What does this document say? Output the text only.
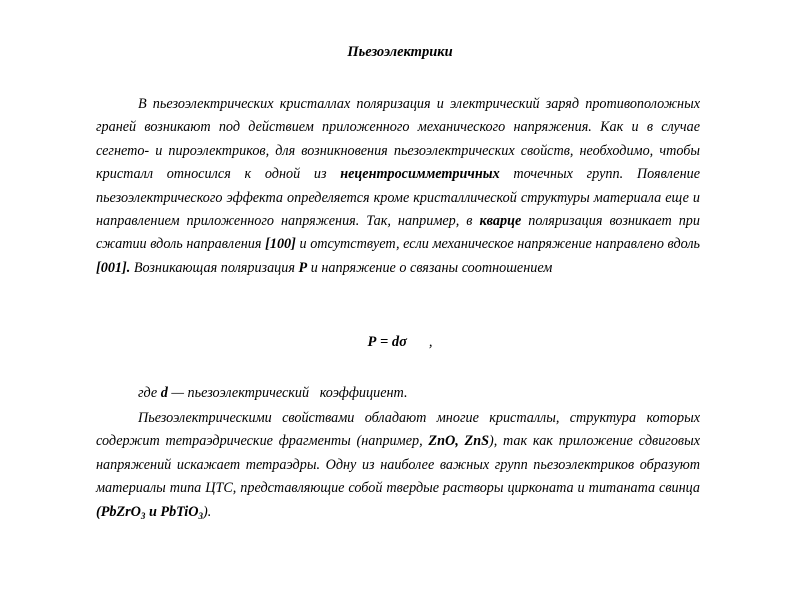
Пьезоэлектрики

В пьезоэлектрических кристаллах поляризация и электрический заряд противоположных граней возникают под действием приложенного механического напряжения. Как и в случае сегнето- и пироэлектриков, для возникновения пьезоэлектрических свойств, необходимо, чтобы кристалл относился к одной из нецентросимметричных точечных групп. Появление пьезоэлектрического эффекта определяется кроме кристаллической структуры материала еще и направлением приложенного напряжения. Так, например, в кварце поляризация возникает при сжатии вдоль направления [100] и отсутствует, если механическое напряжение направлено вдоль [001]. Возникающая поляризация Р и напряжение о связаны соотношением

Р = dσ ,

где d — пьезоэлектрический   коэффициент.

Пьезоэлектрическими свойствами обладают многие кристаллы, структура которых содержит тетраэдрические фрагменты (например, ZnO, ZnS), так как приложение сдвиговых напряжений искажает тетраэдры. Одну из наиболее важных групп пьезоэлектриков образуют материалы типа ЦТС, представляющие собой твердые растворы цирконата и титаната свинца (PbZrO$_3$ и PbTiO$_3$).
